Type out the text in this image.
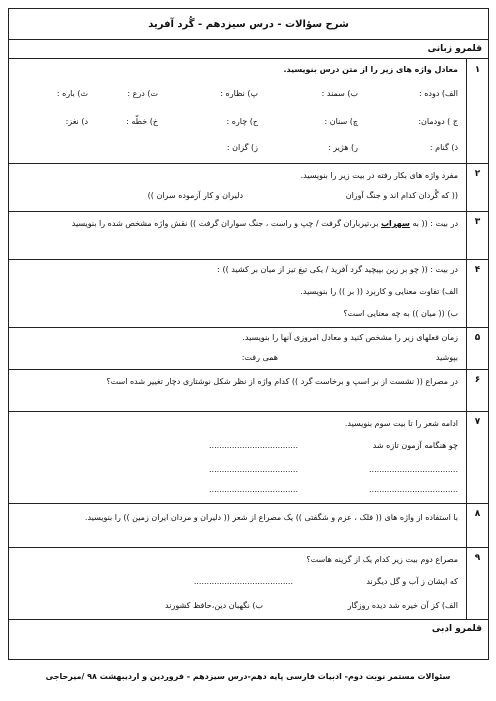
شرح سؤالات - درس سیزدهم - گُرد آفرید
قلمرو زبانی
۱
معادل واژه های زیر را از متن درس بنویسید.
الف) دوده :
ب) سمند :
پ) نظاره :
ت) درع :
ث) باره :
ج ) دودمان:
چ) سنان :
ح) چاره :
خ) خطّه :
د) نغز:
ذ) گنام :
ر) هژیر :
ز) گزان :
۲
مفرد واژه های بکار رفته در بیت زیر را بنویسید.
(( که گُردان کدام اند و جنگ آوران
دلیران و کار آزموده سران ))
۳
در بیت : (( به سهراب بر،تیرباران گرفت / چپ و راست ، جنگ سواران گرفت )) نقش واژه مشخص شده را بنویسید
۴
در بیت : (( چو بر زین بپیچید گرد آفرید / یکی تیغ تیز از میان بر کشید )) :
الف) تفاوت معنایی و کاربرد (( بر )) را بنویسید.
ب) (( میان )) به چه معنایی است؟
۵
زمان فعلهای زیر را مشخص کنید و معادل امروزی آنها را بنویسید.
بپوشید
همی رفت:
۶
در مصراع (( نشست از بر اسپ و برخاست گرد )) کدام واژه از نظر شکل نوشتاری دچار تغییر شده است؟
۷
ادامه شعر را تا بیت سوم بنویسید.
چو هنگامه آزمون تازه شد
...................................
...................................
...................................
...................................
...................................
۸
با استفاده از واژه های (( فلک ، عزم و شگفتی )) یک مصراع از شعر (( دلیران و مردان ایران زمین )) را بنویسید.
۹
مصراع دوم بیت زیر کدام یک از گزینه هاست؟
که ایشان ز آب و گل دیگرند
.......................................
الف) کز آن خیره شد دیده روزگار
ب) نگهبان دین،حافظ کشورند
قلمرو ادبی
سئوالات مستمر نوبت دوم- ادبیات فارسی پایه دهم-درس سیزدهم - فروردین و اردیبهشت ۹۸ /میرحاجی
